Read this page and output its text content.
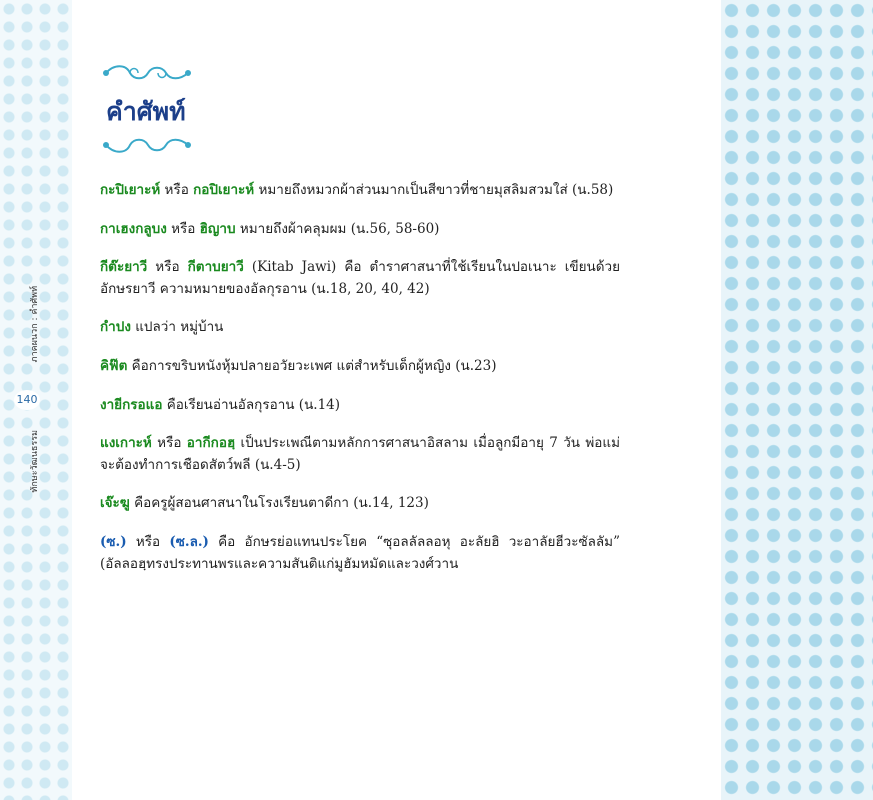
ภาคผนวก : คำศัพท์
140
ทักษะวัฒนธรรม
คำศัพท์

กะปิเยาะห์ หรือ กอปิเยาะห์ หมายถึงหมวกผ้าส่วนมากเป็นสีขาวที่ชายมุสลิมสวมใส่ (น.58)

กาเฮงกลูบง หรือ ฮิญาบ หมายถึงผ้าคลุมผม (น.56, 58-60)

กีต๊ะยาวี หรือ กีตาบยาวี (Kitab Jawi) คือ ตำราศาสนาที่ใช้เรียนในปอเนาะ เขียนด้วยอักษรยาวี ความหมายของอัลกุรอาน (น.18, 20, 40, 42)

กำปง แปลว่า หมู่บ้าน

คิฟ๊ต คือการขริบหนังหุ้มปลายอวัยวะเพศ แต่สำหรับเด็กผู้หญิง (น.23)

งายีกรอแอ คือเรียนอ่านอัลกุรอาน (น.14)

แงเกาะห์ หรือ อากีกอฮฺ เป็นประเพณีตามหลักการศาสนาอิสลาม เมื่อลูกมีอายุ 7 วัน พ่อแม่จะต้องทำการเชือดสัตว์พลี (น.4-5)

เจ๊ะฆู คือครูผู้สอนศาสนาในโรงเรียนตาดีกา (น.14, 123)

(ซ.) หรือ (ซ.ล.) คือ อักษรย่อแทนประโยค “ซุอลลัลลอหุ อะลัยฮิ วะอาลัยฮีวะซัลลัม” (อัลลอฮฺทรงประทานพรและความสันติแก่มูฮัมหมัดและวงศ์วาน
